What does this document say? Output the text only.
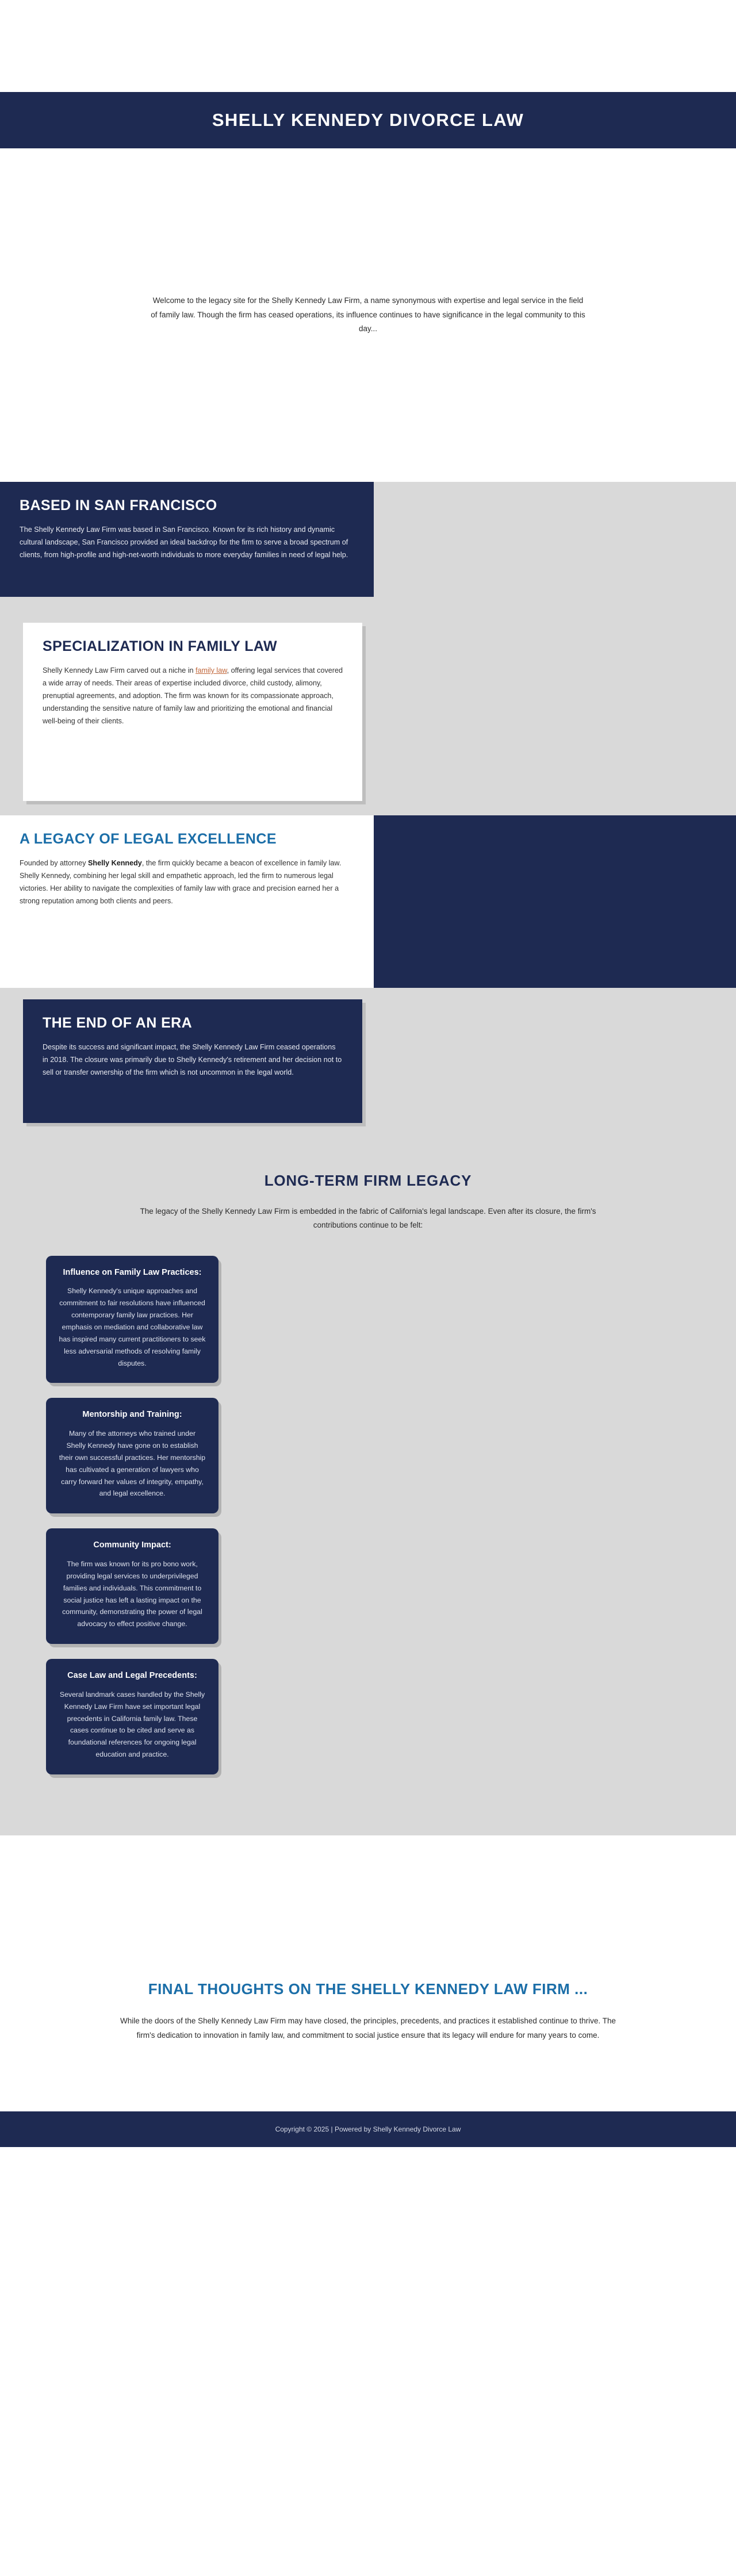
SHELLY KENNEDY DIVORCE LAW

Welcome to the legacy site for the Shelly Kennedy Law Firm, a name synonymous with expertise and legal service in the field of family law. Though the firm has ceased operations, its influence continues to have significance in the legal community to this day...

BASED IN SAN FRANCISCO

The Shelly Kennedy Law Firm was based in San Francisco. Known for its rich history and dynamic cultural landscape, San Francisco provided an ideal backdrop for the firm to serve a broad spectrum of clients, from high-profile and high-net-worth individuals to more everyday families in need of legal help.

SPECIALIZATION IN FAMILY LAW

Shelly Kennedy Law Firm carved out a niche in family law, offering legal services that covered a wide array of needs. Their areas of expertise included divorce, child custody, alimony, prenuptial agreements, and adoption. The firm was known for its compassionate approach, understanding the sensitive nature of family law and prioritizing the emotional and financial well-being of their clients.

A LEGACY OF LEGAL EXCELLENCE

Founded by attorney Shelly Kennedy, the firm quickly became a beacon of excellence in family law. Shelly Kennedy, combining her legal skill and empathetic approach, led the firm to numerous legal victories. Her ability to navigate the complexities of family law with grace and precision earned her a strong reputation among both clients and peers.

THE END OF AN ERA

Despite its success and significant impact, the Shelly Kennedy Law Firm ceased operations in 2018. The closure was primarily due to Shelly Kennedy's retirement and her decision not to sell or transfer ownership of the firm which is not uncommon in the legal world.

LONG-TERM FIRM LEGACY

The legacy of the Shelly Kennedy Law Firm is embedded in the fabric of California's legal landscape. Even after its closure, the firm's contributions continue to be felt:

Influence on Family Law Practices:

Shelly Kennedy's unique approaches and commitment to fair resolutions have influenced contemporary family law practices. Her emphasis on mediation and collaborative law has inspired many current practitioners to seek less adversarial methods of resolving family disputes.

Mentorship and Training:

Many of the attorneys who trained under Shelly Kennedy have gone on to establish their own successful practices. Her mentorship has cultivated a generation of lawyers who carry forward her values of integrity, empathy, and legal excellence.

Community Impact:

The firm was known for its pro bono work, providing legal services to underprivileged families and individuals. This commitment to social justice has left a lasting impact on the community, demonstrating the power of legal advocacy to effect positive change.

Case Law and Legal Precedents:

Several landmark cases handled by the Shelly Kennedy Law Firm have set important legal precedents in California family law. These cases continue to be cited and serve as foundational references for ongoing legal education and practice.

FINAL THOUGHTS ON THE SHELLY KENNEDY LAW FIRM ...

While the doors of the Shelly Kennedy Law Firm may have closed, the principles, precedents, and practices it established continue to thrive. The firm's dedication to innovation in family law, and commitment to social justice ensure that its legacy will endure for many years to come.

Copyright © 2025 | Powered by Shelly Kennedy Divorce Law
